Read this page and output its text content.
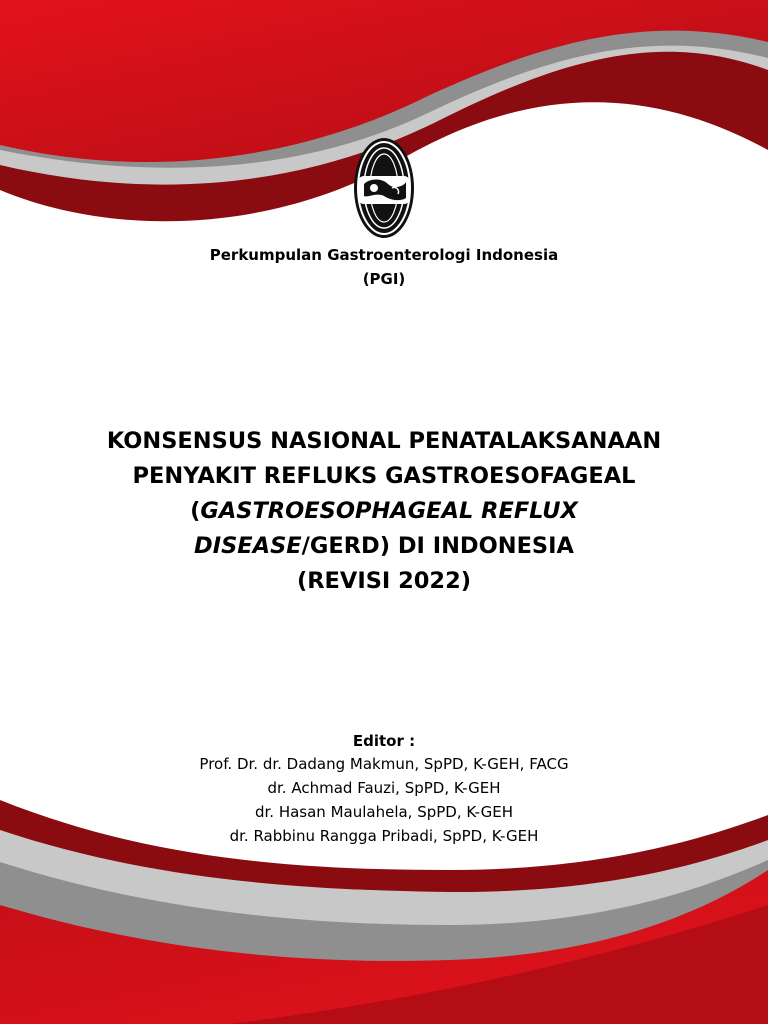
Perkumpulan Gastroenterologi Indonesia
(PGI)
KONSENSUS NASIONAL PENATALAKSANAAN
PENYAKIT REFLUKS GASTROESOFAGEAL
(GASTROESOPHAGEAL REFLUX
DISEASE/GERD) DI INDONESIA
(REVISI 2022)
Editor :
Prof. Dr. dr. Dadang Makmun, SpPD, K-GEH, FACG
dr. Achmad Fauzi, SpPD, K-GEH
dr. Hasan Maulahela, SpPD, K-GEH
dr. Rabbinu Rangga Pribadi, SpPD, K-GEH
